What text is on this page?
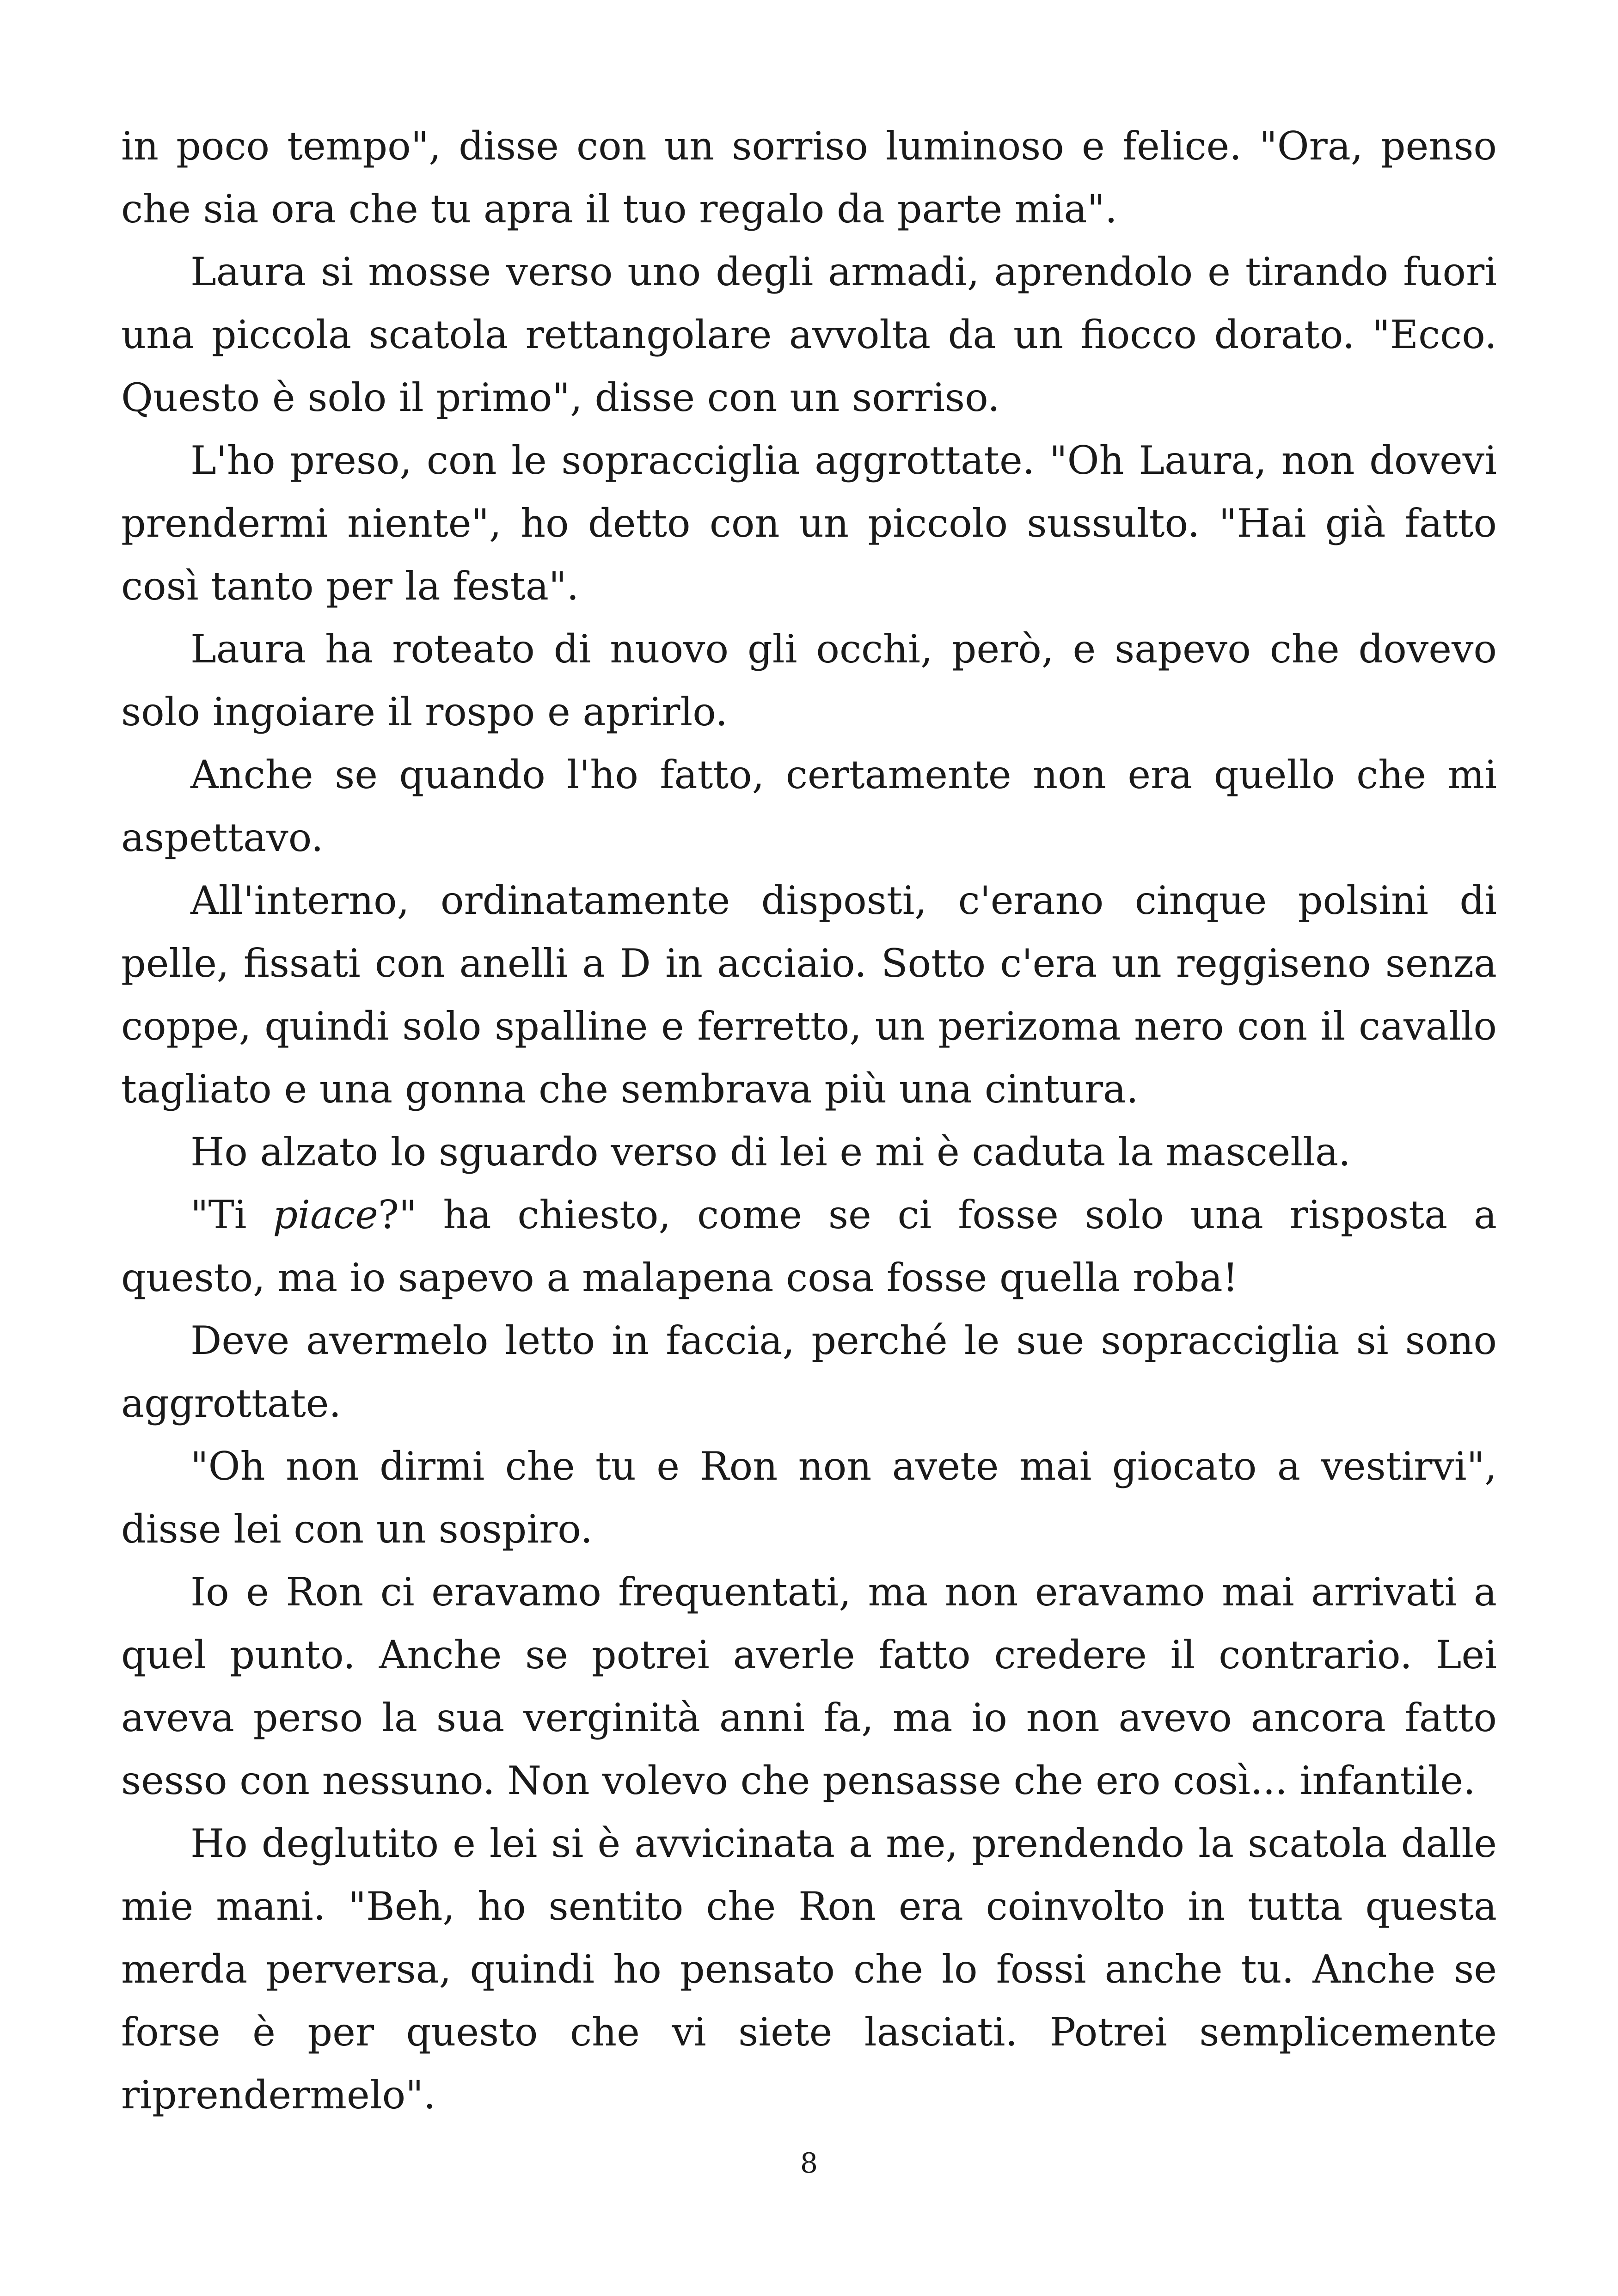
in poco tempo", disse con un sorriso luminoso e felice. "Ora, penso che sia ora che tu apra il tuo regalo da parte mia".

Laura si mosse verso uno degli armadi, aprendolo e tirando fuori una piccola scatola rettangolare avvolta da un fiocco dorato. "Ecco. Questo è solo il primo", disse con un sorriso.

L'ho preso, con le sopracciglia aggrottate. "Oh Laura, non dovevi prendermi niente", ho detto con un piccolo sussulto. "Hai già fatto così tanto per la festa".

Laura ha roteato di nuovo gli occhi, però, e sapevo che dovevo solo ingoiare il rospo e aprirlo.

Anche se quando l'ho fatto, certamente non era quello che mi aspettavo.

All'interno, ordinatamente disposti, c'erano cinque polsini di pelle, fissati con anelli a D in acciaio. Sotto c'era un reggiseno senza coppe, quindi solo spalline e ferretto, un perizoma nero con il cavallo tagliato e una gonna che sembrava più una cintura.

Ho alzato lo sguardo verso di lei e mi è caduta la mascella.

"Ti piace?" ha chiesto, come se ci fosse solo una risposta a questo, ma io sapevo a malapena cosa fosse quella roba!

Deve avermelo letto in faccia, perché le sue sopracciglia si sono aggrottate.

"Oh non dirmi che tu e Ron non avete mai giocato a vestirvi", disse lei con un sospiro.

Io e Ron ci eravamo frequentati, ma non eravamo mai arrivati a quel punto. Anche se potrei averle fatto credere il contrario. Lei aveva perso la sua verginità anni fa, ma io non avevo ancora fatto sesso con nessuno. Non volevo che pensasse che ero così... infantile.

Ho deglutito e lei si è avvicinata a me, prendendo la scatola dalle mie mani. "Beh, ho sentito che Ron era coinvolto in tutta questa merda perversa, quindi ho pensato che lo fossi anche tu. Anche se forse è per questo che vi siete lasciati. Potrei semplicemente riprendermelo".

8
